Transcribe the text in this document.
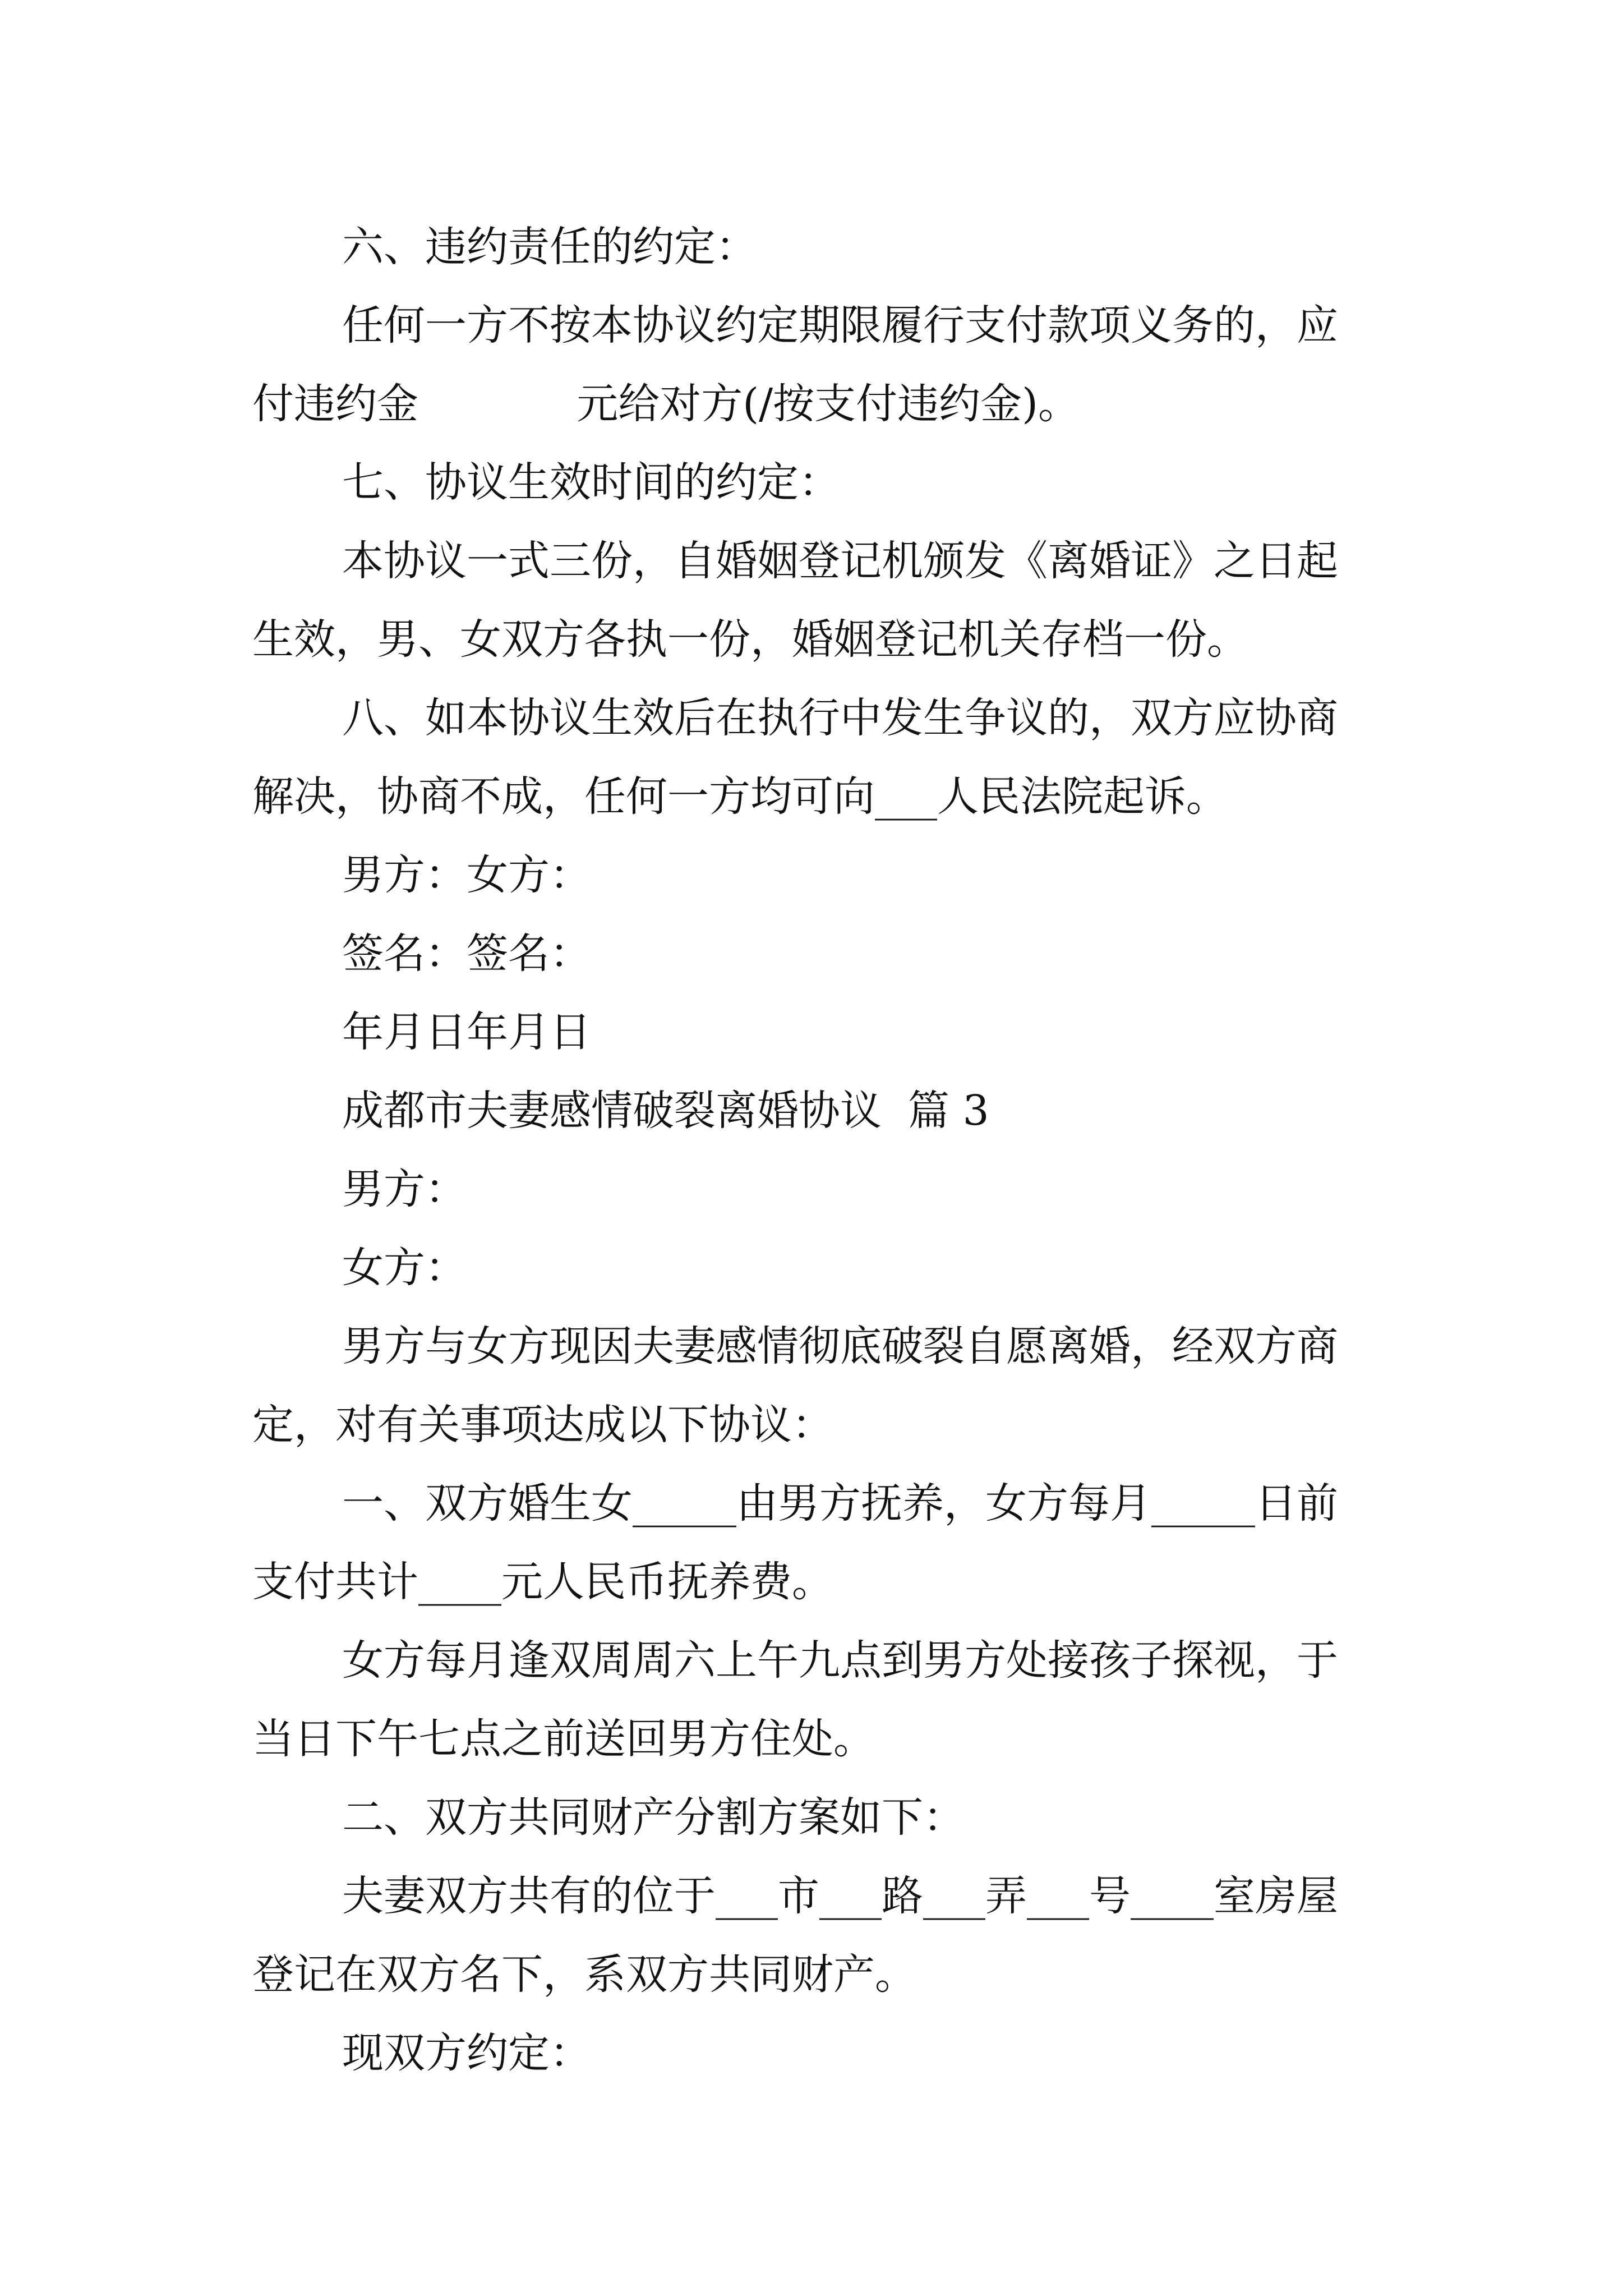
六、违约责任的约定：
任何一方不按本协议约定期限履行支付款项义务的，应
付违约金            元给对方(/按支付违约金)。
七、协议生效时间的约定：
本协议一式三份，自婚姻登记机颁发《离婚证》之日起
生效，男、女双方各执一份，婚姻登记机关存档一份。
八、如本协议生效后在执行中发生争议的，双方应协商
解决，协商不成，任何一方均可向___人民法院起诉。
男方：女方：
签名：签名：
年月日年月日
成都市夫妻感情破裂离婚协议  篇 3
男方：
女方：
男方与女方现因夫妻感情彻底破裂自愿离婚，经双方商
定，对有关事项达成以下协议：
一、双方婚生女_____由男方抚养，女方每月_____日前
支付共计____元人民币抚养费。
女方每月逢双周周六上午九点到男方处接孩子探视，于
当日下午七点之前送回男方住处。
二、双方共同财产分割方案如下：
夫妻双方共有的位于___市___路___弄___号____室房屋
登记在双方名下，系双方共同财产。
现双方约定：
